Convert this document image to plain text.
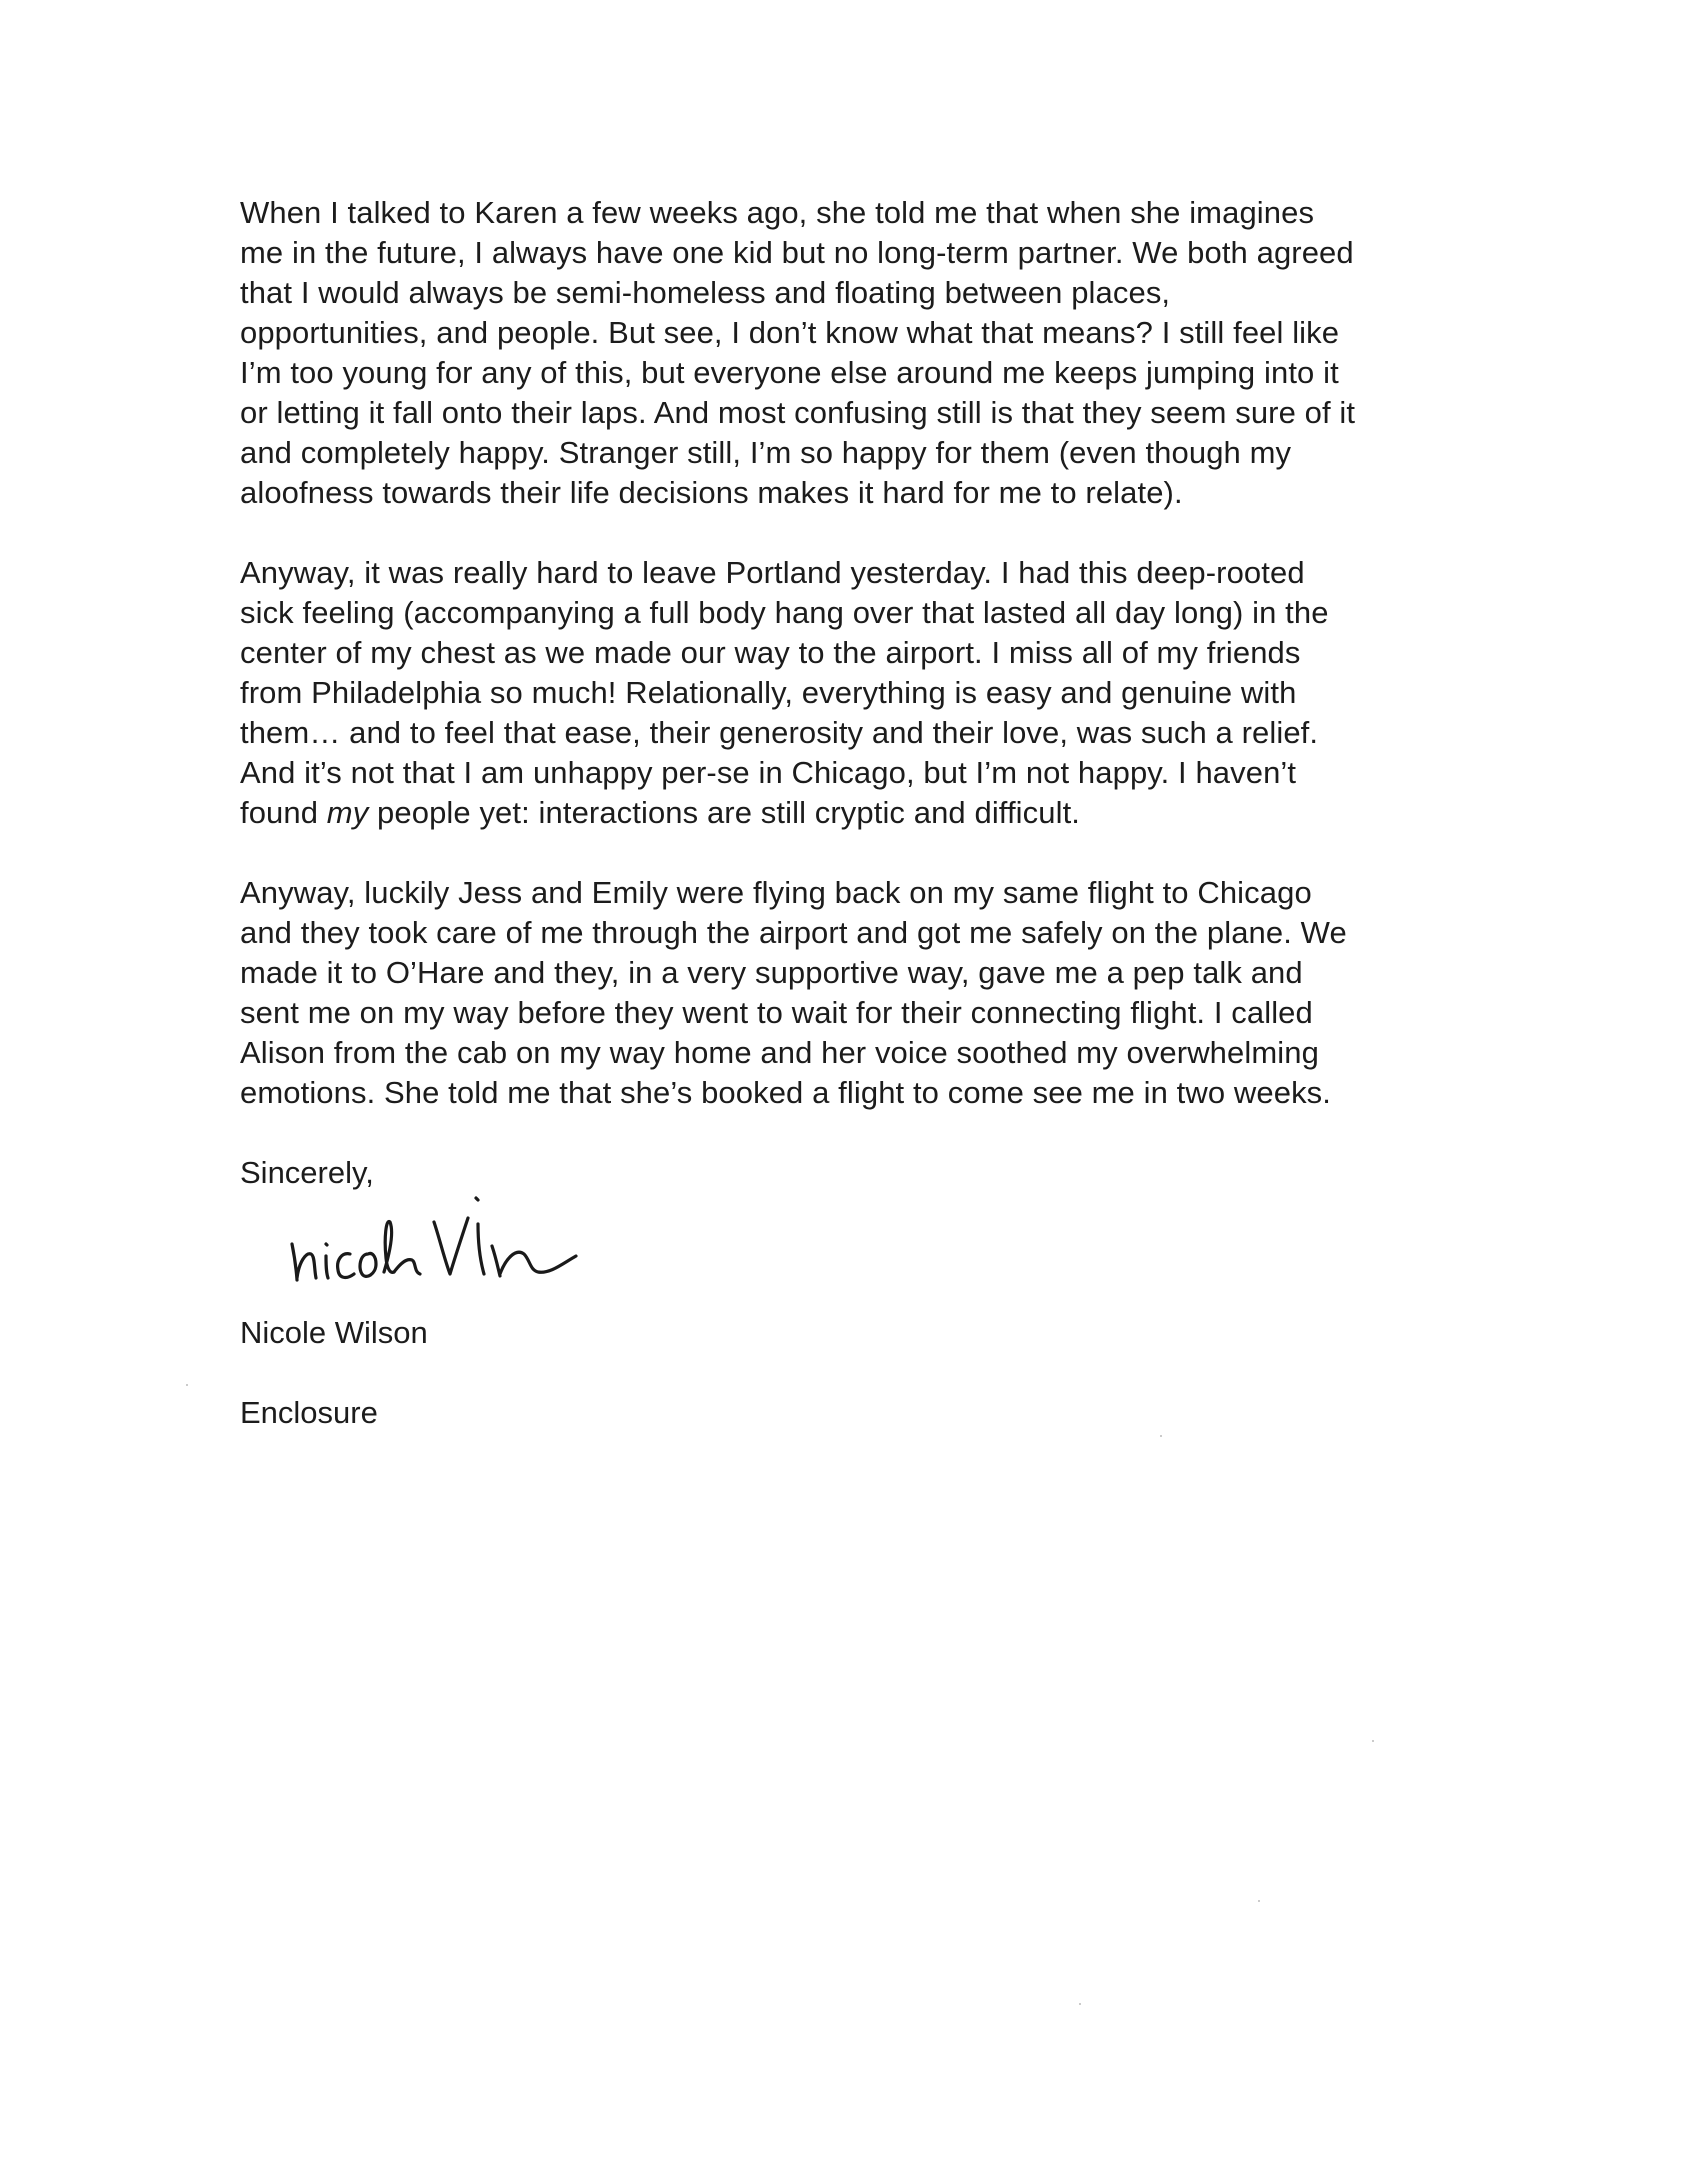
When I talked to Karen a few weeks ago, she told me that when she imagines
me in the future, I always have one kid but no long-term partner. We both agreed
that I would always be semi-homeless and floating between places,
opportunities, and people. But see, I don’t know what that means? I still feel like
I’m too young for any of this, but everyone else around me keeps jumping into it
or letting it fall onto their laps. And most confusing still is that they seem sure of it
and completely happy. Stranger still, I’m so happy for them (even though my
aloofness towards their life decisions makes it hard for me to relate).

Anyway, it was really hard to leave Portland yesterday. I had this deep-rooted
sick feeling (accompanying a full body hang over that lasted all day long) in the
center of my chest as we made our way to the airport. I miss all of my friends
from Philadelphia so much! Relationally, everything is easy and genuine with
them… and to feel that ease, their generosity and their love, was such a relief.
And it’s not that I am unhappy per-se in Chicago, but I’m not happy. I haven’t
found my people yet: interactions are still cryptic and difficult.

Anyway, luckily Jess and Emily were flying back on my same flight to Chicago
and they took care of me through the airport and got me safely on the plane. We
made it to O’Hare and they, in a very supportive way, gave me a pep talk and
sent me on my way before they went to wait for their connecting flight. I called
Alison from the cab on my way home and her voice soothed my overwhelming
emotions. She told me that she’s booked a flight to come see me in two weeks.

Sincerely,
Nicole Wilson
Enclosure
